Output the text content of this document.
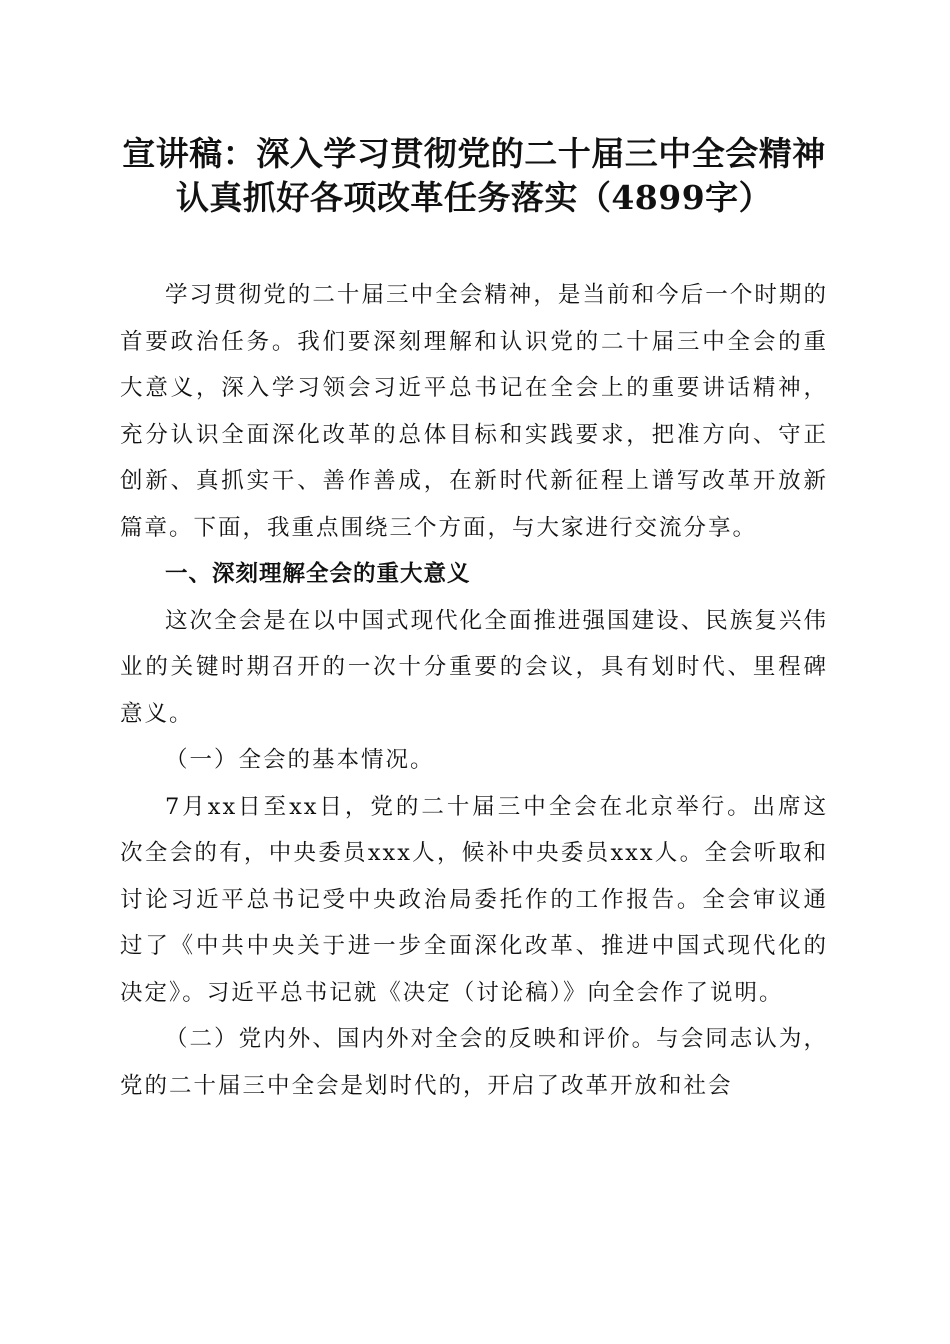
宣讲稿：深入学习贯彻党的二十届三中全会精神认真抓好各项改革任务落实（4899字）

学习贯彻党的二十届三中全会精神，是当前和今后一个时期的首要政治任务。我们要深刻理解和认识党的二十届三中全会的重大意义，深入学习领会习近平总书记在全会上的重要讲话精神，充分认识全面深化改革的总体目标和实践要求，把准方向、守正创新、真抓实干、善作善成，在新时代新征程上谱写改革开放新篇章。下面，我重点围绕三个方面，与大家进行交流分享。

一、深刻理解全会的重大意义

这次全会是在以中国式现代化全面推进强国建设、民族复兴伟业的关键时期召开的一次十分重要的会议，具有划时代、里程碑意义。

（一）全会的基本情况。

7月xx日至xx日，党的二十届三中全会在北京举行。出席这次全会的有，中央委员xxx人，候补中央委员xxx人。全会听取和讨论习近平总书记受中央政治局委托作的工作报告。全会审议通过了《中共中央关于进一步全面深化改革、推进中国式现代化的决定》。习近平总书记就《决定（讨论稿）》向全会作了说明。

（二）党内外、国内外对全会的反映和评价。与会同志认为，党的二十届三中全会是划时代的，开启了改革开放和社会
